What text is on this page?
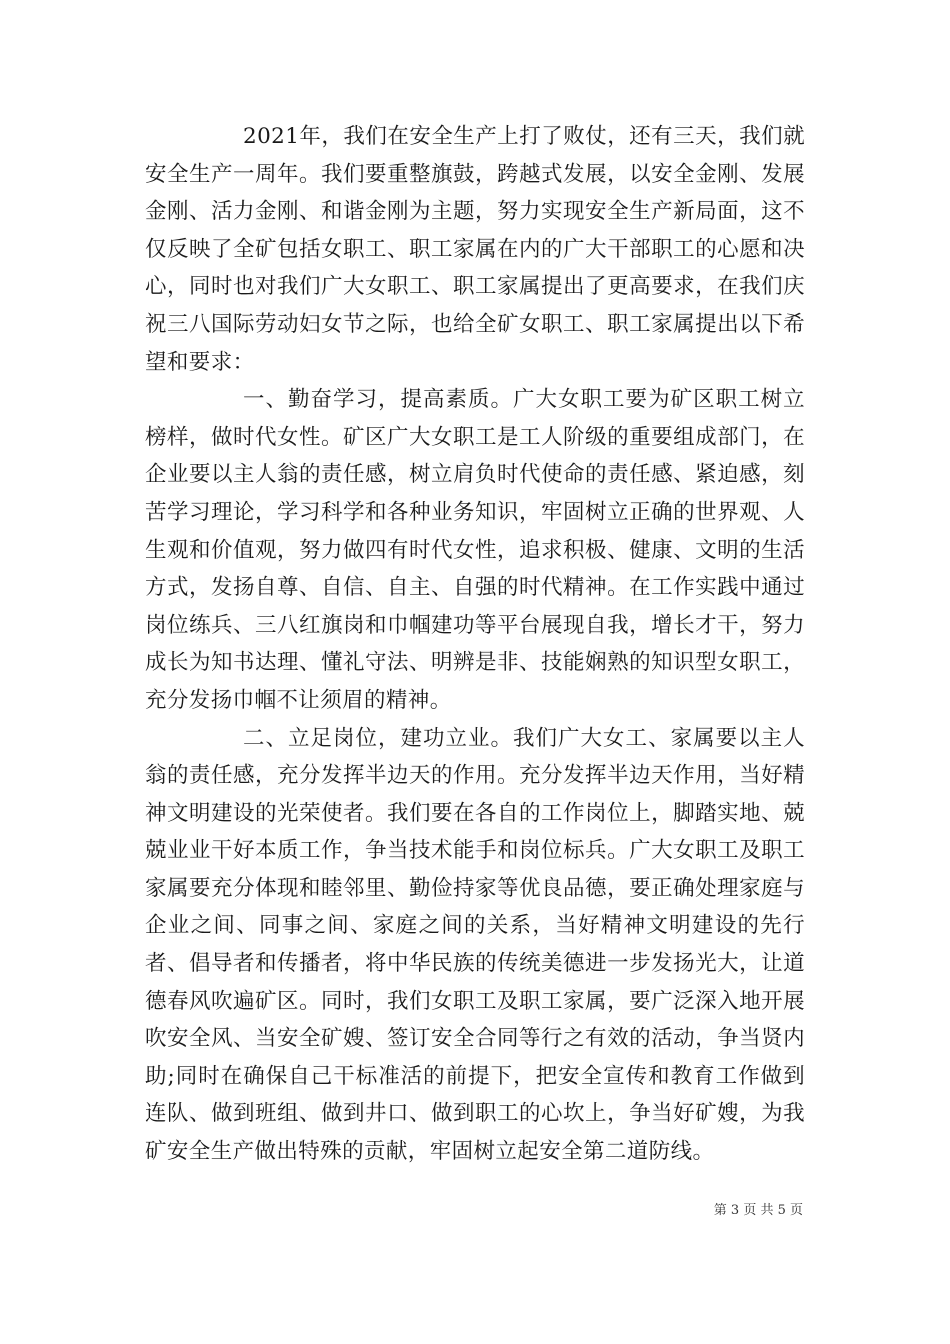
2021年，我们在安全生产上打了败仗，还有三天，我们就安全生产一周年。我们要重整旗鼓，跨越式发展，以安全金刚、发展金刚、活力金刚、和谐金刚为主题，努力实现安全生产新局面，这不仅反映了全矿包括女职工、职工家属在内的广大干部职工的心愿和决心，同时也对我们广大女职工、职工家属提出了更高要求，在我们庆祝三八国际劳动妇女节之际，也给全矿女职工、职工家属提出以下希望和要求：

一、勤奋学习，提高素质。广大女职工要为矿区职工树立榜样，做时代女性。矿区广大女职工是工人阶级的重要组成部门，在企业要以主人翁的责任感，树立肩负时代使命的责任感、紧迫感，刻苦学习理论，学习科学和各种业务知识，牢固树立正确的世界观、人生观和价值观，努力做四有时代女性，追求积极、健康、文明的生活方式，发扬自尊、自信、自主、自强的时代精神。在工作实践中通过岗位练兵、三八红旗岗和巾帼建功等平台展现自我，增长才干，努力成长为知书达理、懂礼守法、明辨是非、技能娴熟的知识型女职工，充分发扬巾帼不让须眉的精神。

二、立足岗位，建功立业。我们广大女工、家属要以主人翁的责任感，充分发挥半边天的作用。充分发挥半边天作用，当好精神文明建设的光荣使者。我们要在各自的工作岗位上，脚踏实地、兢兢业业干好本质工作，争当技术能手和岗位标兵。广大女职工及职工家属要充分体现和睦邻里、勤俭持家等优良品德，要正确处理家庭与企业之间、同事之间、家庭之间的关系，当好精神文明建设的先行者、倡导者和传播者，将中华民族的传统美德进一步发扬光大，让道德春风吹遍矿区。同时，我们女职工及职工家属，要广泛深入地开展吹安全风、当安全矿嫂、签订安全合同等行之有效的活动，争当贤内助;同时在确保自己干标准活的前提下，把安全宣传和教育工作做到连队、做到班组、做到井口、做到职工的心坎上，争当好矿嫂，为我矿安全生产做出特殊的贡献，牢固树立起安全第二道防线。

第 3 页 共 5 页
